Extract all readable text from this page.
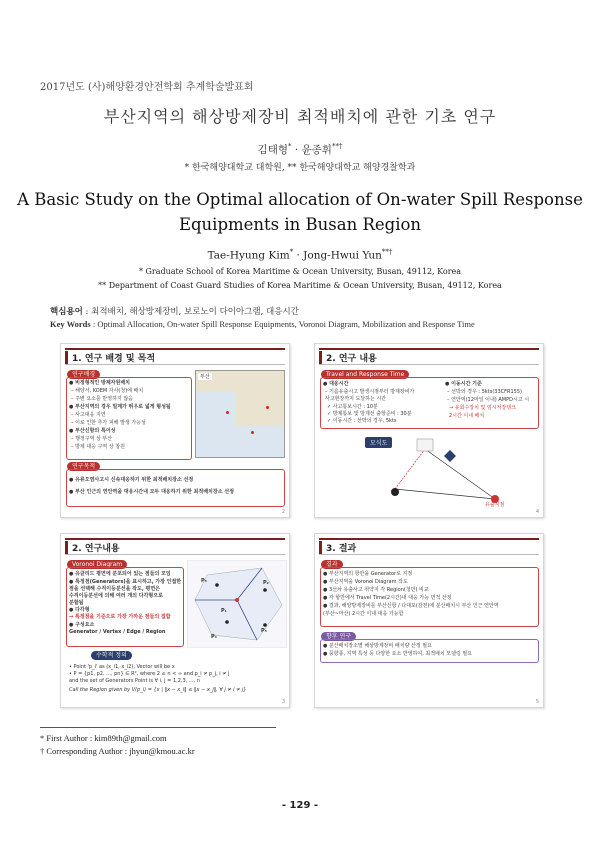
2017년도 (사)해양환경안전학회 추계학술발표회
부산지역의 해상방제장비 최적배치에 관한 기초 연구
김태형* · 윤종휘**†
* 한국해양대학교 대학원, ** 한국해양대학교 해양경찰학과
A Basic Study on the Optimal allocation of On-water Spill Response
Equipments in Busan Region
Tae-Hyung Kim* · Jong-Hwui Yun**†
* Graduate School of Korea Maritime & Ocean University, Busan, 49112, Korea
** Department of Coast Guard Studies of Korea Maritime & Ocean University, Busan, 49112, Korea
핵심용어 : 최적배치, 해상방제장비, 보로노이 다이아그램, 대응시간
Key Words : Optimal Allocation, On-water Spill Response Equipments, Voronoi Diagram, Mobilization and Response Time
1. 연구 배경 및 목적
연구배경
● 비정형적인 방제자원배치
– 해양서, KOEM 자사(청)에 배치
– 주변 요소를 반영하지 않음
● 부산지역의 경우 밀계가 뛰우로 넓게 형성됨
– 사고대응 지연
– 이로 인한 추가 피해 발생 가능성
● 부산신항의 특이성
– 행정구역 상 부산
– 방제 대응 구역 상 창원
부산
연구목적
● 유류오염사고시 신속대응하기 위한 최적배치장소 선정
● 부산 인근의 연안역을 대응시간내 모두 대응하기 위한 최적배치장소 선정
2
2. 연구 내용
Travel and Response Time
● 대응시간
– 기름유출시고 발생시점부터 방제장비가
사고현장까지 도달하는 시간
✓ 사고통보시간 : 10분
✓ 방제통보 및 방제선 출항준비 : 30분
✓ 이동시간 : 선박의 경우, 5kts
● 이동시간 기준
– 선박의 경우 : 5kts(33CFR155)
– 연안역(12마일 이내) AMPD시고 시
→ 유회수장치 및 임시저장탱크
2시간 이내 배치
모식도
유출지점
4
2. 연구내용
Voronoi Diagram
● 유클리드 평면에 분포되어 있는 점들의 모임
● 특정점(Generators)을 표시하고, 가장 인접한
점을 선택해 수직이등분선을 작도, 평면은
수직이등분선에 의해 여러 개의 다각형으로
분할됨
● 다각형
→ 특정점을 기준으로 가장 가까운 점들의 집합
● 구성요소
Generator / Vertex / Edge / Region
P₅	P₂
P₁
P₃
P₄
수학적 정의
• Point 'p_i' as (x_i1, x_i2), Vector will be x
• P = {p1, p2, ..., pn} ∈ R², where 2 ≤ n < ∞ and p_i ≠ p_j, i ≠ j
and the set of Generators Point is ∀ i, j = 1,2,3, ..., n
Call the Region given by V(p_i) = {x | ‖x − x_i‖ ≤ ‖x − x_j‖, ∀ j ≠ i ≠ j}
3
3. 결과
결과
● 부산지역의 항만을 Generator로 지정
● 부산지역을 Voronoi Diagram 작도
● 3선차 유출사고 취약지 각 Region(청만) 비교
● 각 항만에서 Travel Time(2시간)내 대응 가능 면적 산정
● 결과, 해양방제장비를 부산신항 / 다대포(감천)에 분산배치시 부산 인근 연안역
(부산~마산) 2시간 이내 대응 가능함
향후 연구
● 분산배치장소별 해상방제장비 배치량 산정 필요
● 풍향풍, 지역 특성 등 다양한 요소 반영하여, 최적배치 모델링 필요
5
* First Author : kim89th@gmail.com
† Corresponding Author : jhyun@kmou.ac.kr
- 129 -
